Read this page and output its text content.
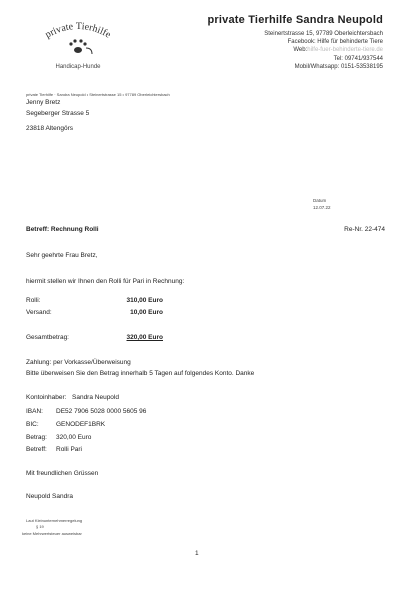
private Tierhilfe
Handicap-Hunde
private Tierhilfe Sandra Neupold
Steinertstrasse 15, 97789 Oberleichtersbach
Facebook: Hilfe für behinderte Tiere
Web:hilfe-fuer-behinderte-tiere.de
Tel: 09741/937544
Mobil/Whatsapp: 0151-53538195
private Tierhilfe · Sandra Neupold • Steinertstrasse 15 • 97789 Oberleichtersbach
Jenny Bretz
Segeberger Strasse 5
23818 Altengörs
Datum
12.07.22
Betreff: Rechnung Rolli	Re-Nr. 22-474
Sehr geehrte Frau Bretz,
hiermit stellen wir Ihnen den Rolli für Pari in Rechnung:
Rolli:	310,00 Euro
Versand:	10,00 Euro
Gesamtbetrag:	320,00 Euro
Zahlung: per Vorkasse/Überweisung
Bitte überweisen Sie den Betrag innerhalb 5 Tagen auf folgendes Konto. Danke
Kontoinhaber: Sandra Neupold
IBAN: DE52 7906 5028 0000 5605 96
BIC:	GENODEF1BRK
Betrag: 320,00 Euro
Betreff: Rolli Pari
Mit freundlichen Grüssen
Neupold Sandra
Laut Kleinunternehmerregelung
§ 19
keine Mehrwertsteuer ausweisbar
1
